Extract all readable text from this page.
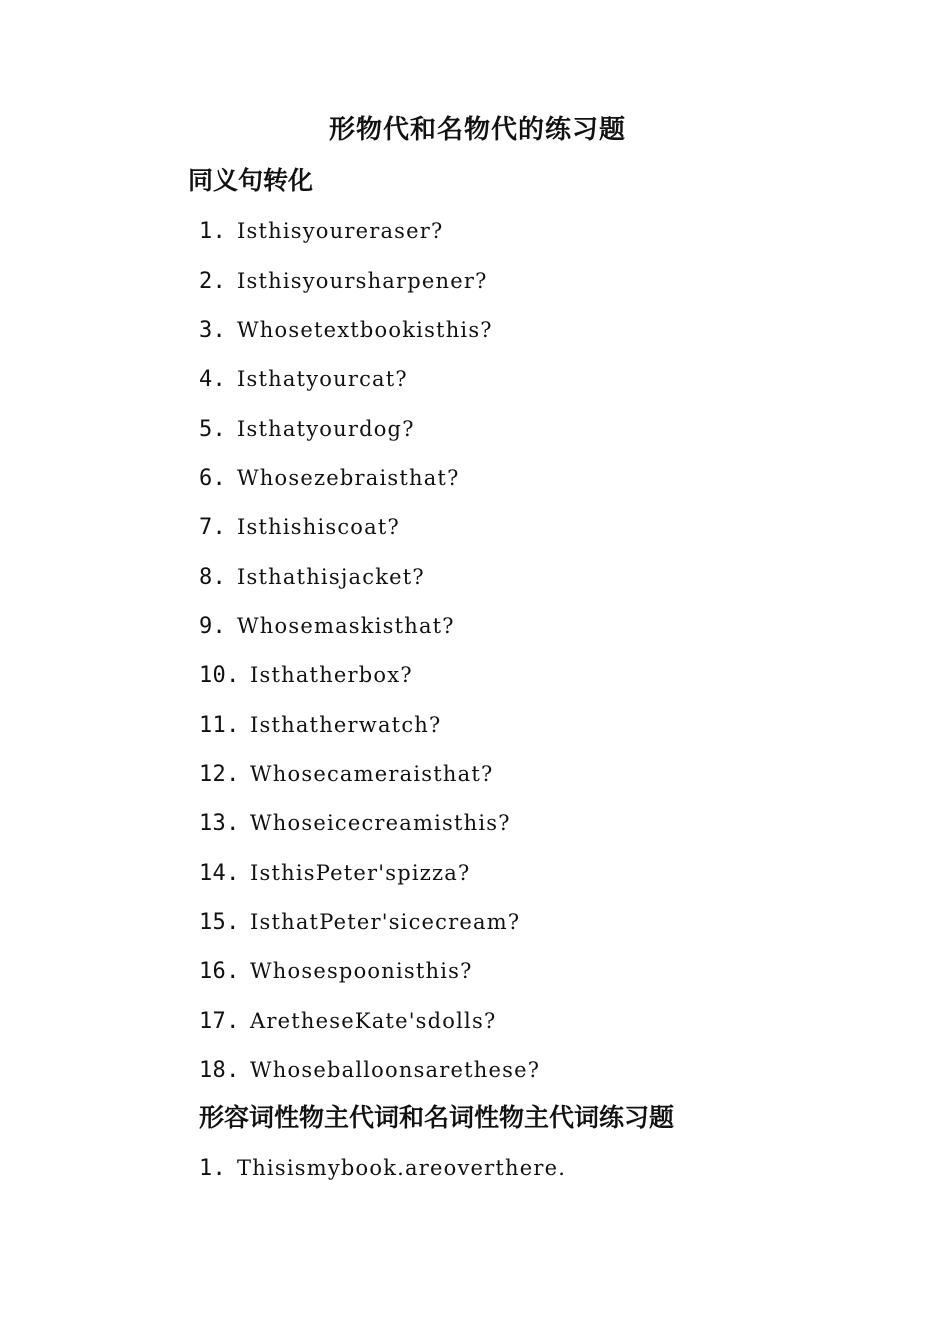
形物代和名物代的练习题
同义句转化
1. Isthisyoureraser?
2. Isthisyoursharpener?
3. Whosetextbookisthis?
4. Isthatyourcat?
5. Isthatyourdog?
6. Whosezebraisthat?
7. Isthishiscoat?
8. Isthathisjacket?
9. Whosemaskisthat?
10. Isthatherbox?
11. Isthatherwatch?
12. Whosecameraisthat?
13. Whoseicecreamisthis?
14. IsthisPeter'spizza?
15. IsthatPeter'sicecream?
16. Whosespoonisthis?
17. AretheseKate'sdolls?
18. Whoseballoonsarethese?
形容词性物主代词和名词性物主代词练习题
1. Thisismybook.areoverthere.
